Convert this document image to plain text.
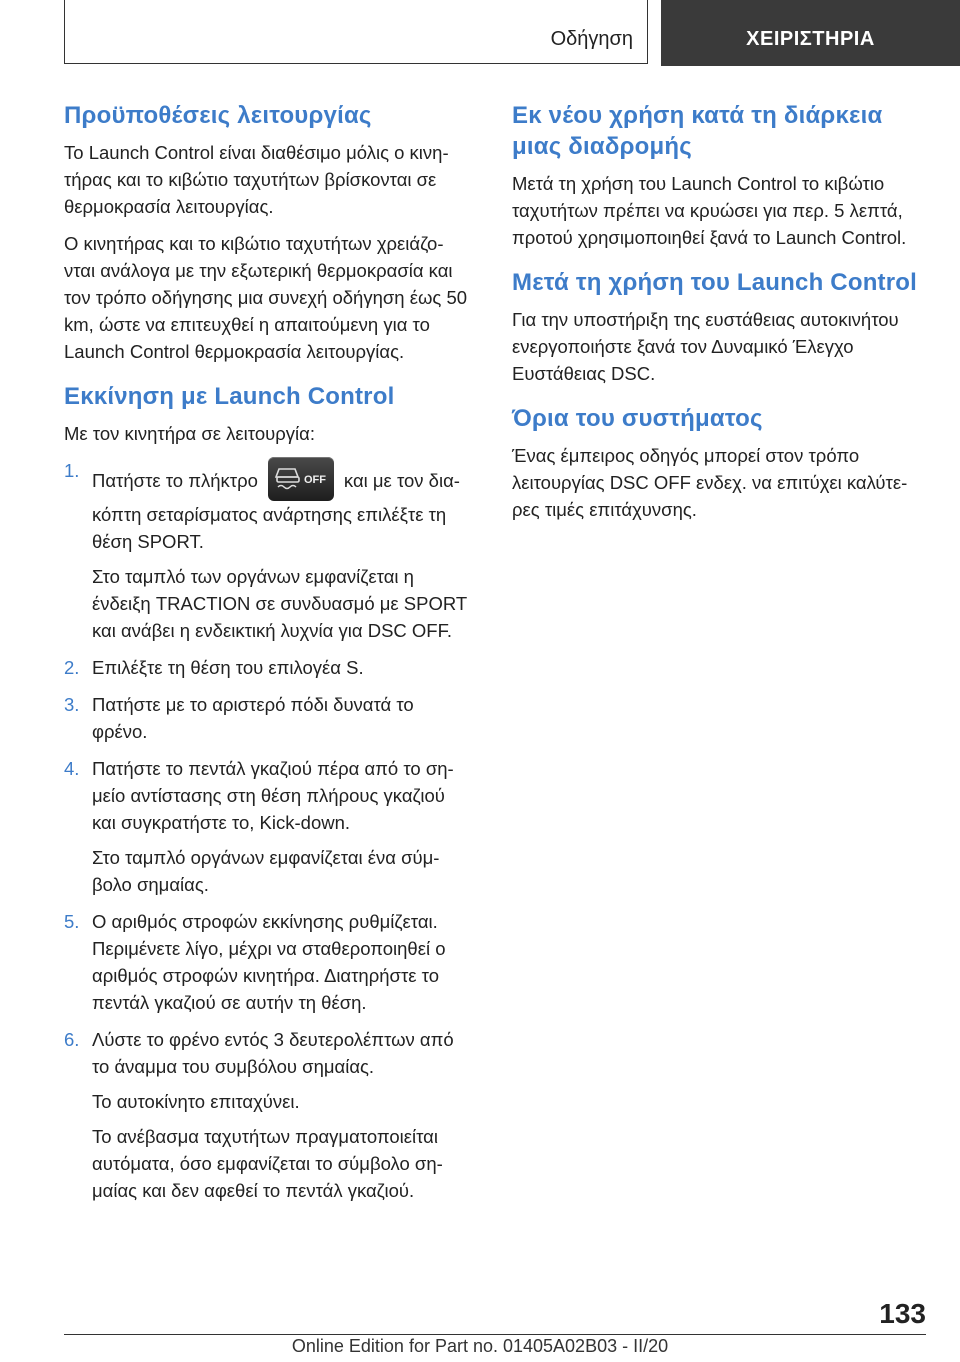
Οδήγηση	ΧΕΙΡΙΣΤΗΡΙΑ
Προϋποθέσεις λειτουργίας

Το Launch Control είναι διαθέσιμο μόλις ο κινη-τήρας και το κιβώτιο ταχυτήτων βρίσκονται σε θερμοκρασία λειτουργίας.

Ο κινητήρας και το κιβώτιο ταχυτήτων χρειάζο-νται ανάλογα με την εξωτερική θερμοκρασία και τον τρόπο οδήγησης μια συνεχή οδήγηση έως 50 km, ώστε να επιτευχθεί η απαιτούμενη για το Launch Control θερμοκρασία λειτουργίας.

Εκκίνηση με Launch Control

Με τον κινητήρα σε λειτουργία:

1. Πατήστε το πλήκτρο	OFF και με τον δια-κόπτη σεταρίσματος ανάρτησης επιλέξτε τη θέση SPORT.

Στο ταμπλό των οργάνων εμφανίζεται η ένδειξη TRACTION σε συνδυασμό με SPORT και ανάβει η ενδεικτική λυχνία για DSC OFF.

2. Επιλέξτε τη θέση του επιλογέα S.

3. Πατήστε με το αριστερό πόδι δυνατά το φρένο.

4. Πατήστε το πεντάλ γκαζιού πέρα από το ση-μείο αντίστασης στη θέση πλήρους γκαζιού και συγκρατήστε το, Kick-down.

Στο ταμπλό οργάνων εμφανίζεται ένα σύμ-βολο σημαίας.

5. Ο αριθμός στροφών εκκίνησης ρυθμίζεται. Περιμένετε λίγο, μέχρι να σταθεροποιηθεί ο αριθμός στροφών κινητήρα. Διατηρήστε το πεντάλ γκαζιού σε αυτήν τη θέση.

6. Λύστε το φρένο εντός 3 δευτερολέπτων από το άναμμα του συμβόλου σημαίας.

Το αυτοκίνητο επιταχύνει.

Το ανέβασμα ταχυτήτων πραγματοποιείται αυτόματα, όσο εμφανίζεται το σύμβολο ση-μαίας και δεν αφεθεί το πεντάλ γκαζιού.

Εκ νέου χρήση κατά τη διάρκεια μιας διαδρομής

Μετά τη χρήση του Launch Control το κιβώτιο ταχυτήτων πρέπει να κρυώσει για περ. 5 λεπτά, προτού χρησιμοποιηθεί ξανά το Launch Control.

Μετά τη χρήση του Launch Control

Για την υποστήριξη της ευστάθειας αυτοκινήτου ενεργοποιήστε ξανά τον Δυναμικό Έλεγχο Ευστάθειας DSC.

Όρια του συστήματος

Ένας έμπειρος οδηγός μπορεί στον τρόπο λειτουργίας DSC OFF ενδεχ. να επιτύχει καλύτε-ρες τιμές επιτάχυνσης.

133
Online Edition for Part no. 01405A02B03 - II/20
